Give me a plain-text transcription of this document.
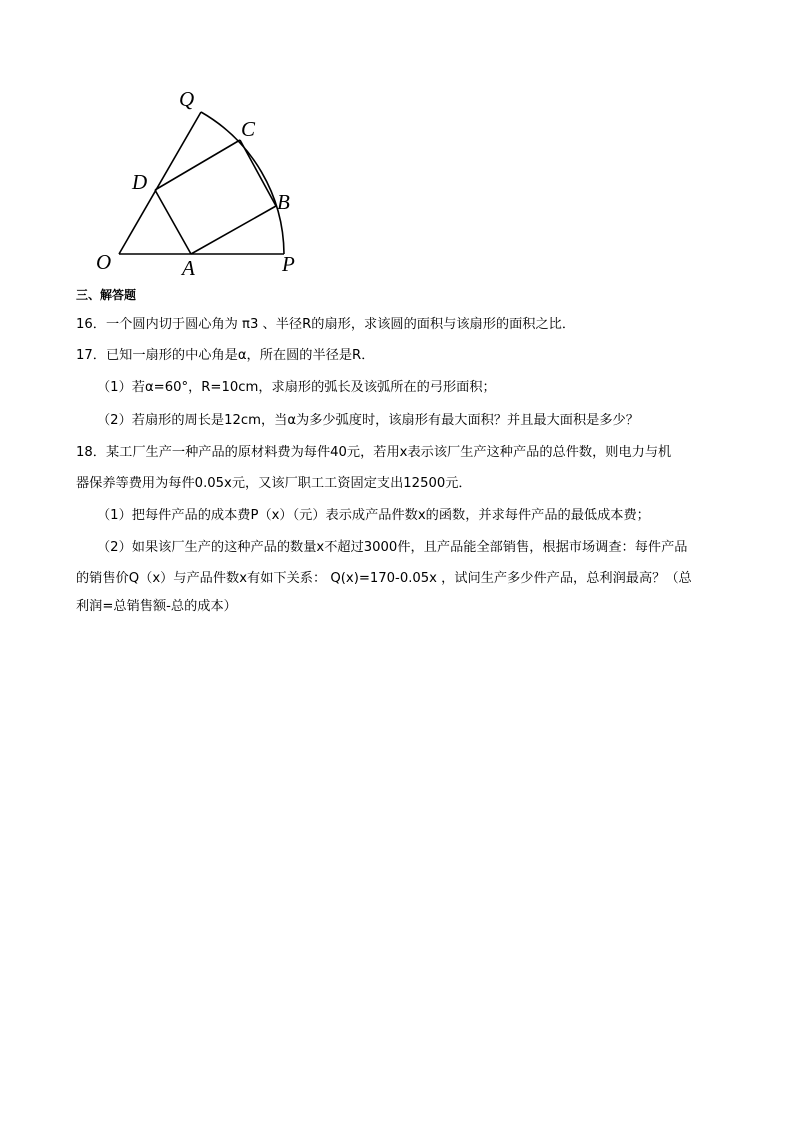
O	A	P
B
C
D
Q
三、解答题
16．一个圆内切于圆心角为 π3 、半径R的扇形，求该圆的面积与该扇形的面积之比．
17．已知一扇形的中心角是α，所在圆的半径是R．
（1）若α=60°，R=10cm，求扇形的弧长及该弧所在的弓形面积；
（2）若扇形的周长是12cm，当α为多少弧度时，该扇形有最大面积？并且最大面积是多少？
18．某工厂生产一种产品的原材料费为每件40元，若用x表示该厂生产这种产品的总件数，则电力与机
器保养等费用为每件0.05x元，又该厂职工工资固定支出12500元．
（1）把每件产品的成本费P（x）（元）表示成产品件数x的函数，并求每件产品的最低成本费；
（2）如果该厂生产的这种产品的数量x不超过3000件，且产品能全部销售，根据市场调查：每件产品
的销售价Q（x）与产品件数x有如下关系： Q(x)=170-0.05x ，试问生产多少件产品，总利润最高？（总
利润=总销售额-总的成本）
